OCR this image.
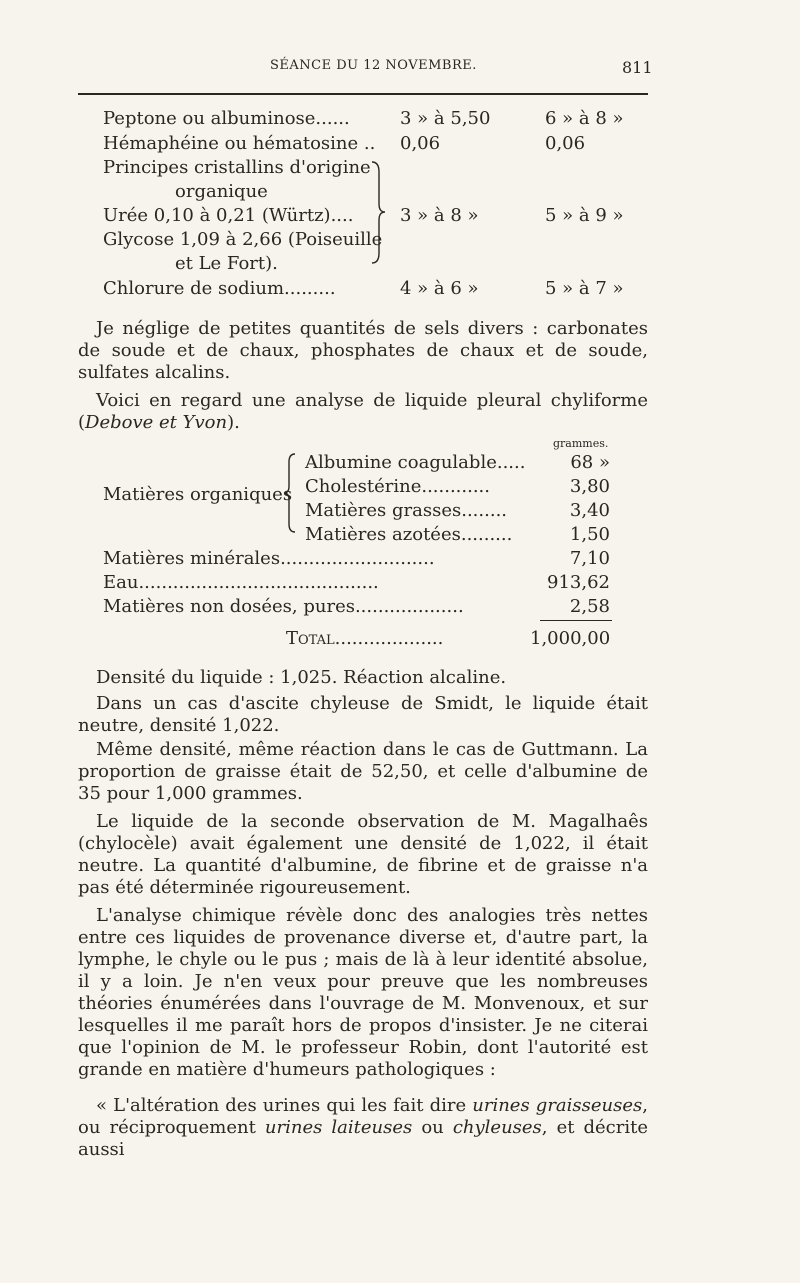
SÉANCE DU 12 NOVEMBRE.	811
Peptone ou albuminose......	3 » à 5,50	6 » à 8 »
Hémaphéine ou hématosine .. 0,06	0,06
Principes cristallins d'origine
organique
Urée 0,10 à 0,21 (Würtz)....	3 » à 8 »	5 » à 9 »
Glycose 1,09 à 2,66 (Poiseuille
et Le Fort).
Chlorure de sodium.........	4 » à 6 »	5 » à 7 »

Je néglige de petites quantités de sels divers : carbonates de soude et de chaux, phosphates de chaux et de soude, sulfates alcalins.

Voici en regard une analyse de liquide pleural chyliforme (Debove et Yvon).

grammes.
Matières organiques
Albumine coagulable.....	68 »
Cholestérine............	3,80
Matières grasses........	3,40
Matières azotées.........	1,50
Matières minérales...........................	7,10
Eau..........................................	913,62
Matières non dosées, pures...................	2,58
Total...................	1,000,00

Densité du liquide : 1,025. Réaction alcaline.

Dans un cas d'ascite chyleuse de Smidt, le liquide était neutre, densité 1,022.

Même densité, même réaction dans le cas de Guttmann. La proportion de graisse était de 52,50, et celle d'albumine de 35 pour 1,000 grammes.

Le liquide de la seconde observation de M. Magalhaês (chylocèle) avait également une densité de 1,022, il était neutre. La quantité d'albumine, de fibrine et de graisse n'a pas été déterminée rigoureusement.

L'analyse chimique révèle donc des analogies très nettes entre ces liquides de provenance diverse et, d'autre part, la lymphe, le chyle ou le pus ; mais de là à leur identité absolue, il y a loin. Je n'en veux pour preuve que les nombreuses théories énumérées dans l'ouvrage de M. Monvenoux, et sur lesquelles il me paraît hors de propos d'insister. Je ne citerai que l'opinion de M. le professeur Robin, dont l'autorité est grande en matière d'humeurs pathologiques :

« L'altération des urines qui les fait dire urines graisseuses, ou réciproquement urines laiteuses ou chyleuses, et décrite aussi
